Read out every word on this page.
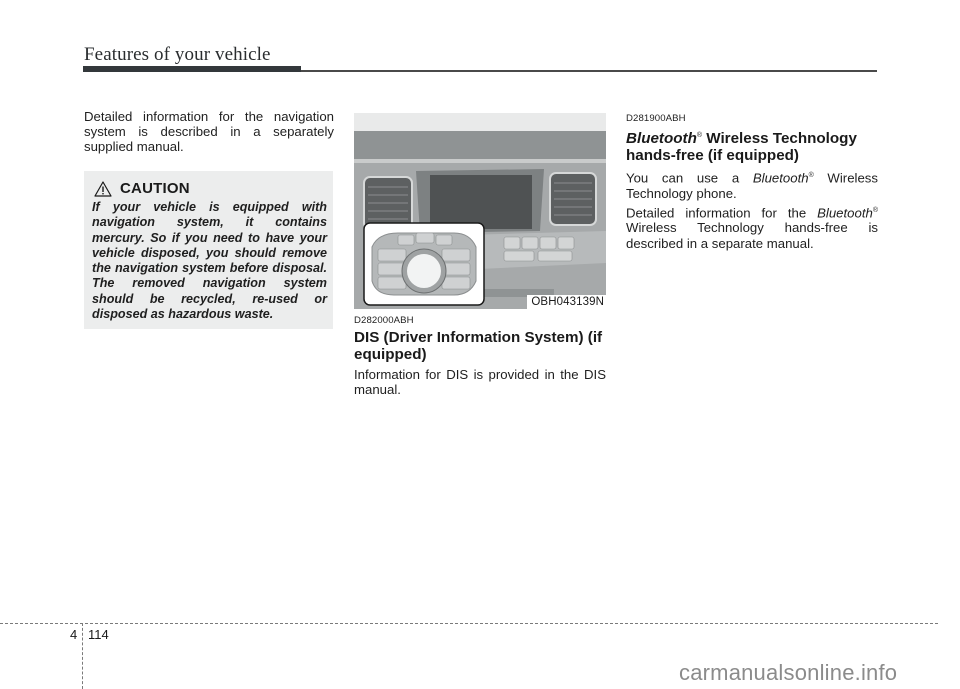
Features of your vehicle

Detailed information for the navigation system is described in a separately supplied manual.

CAUTION
If your vehicle is equipped with navigation system, it contains mercury. So if you need to have your vehicle disposed, you should remove the navigation system before disposal. The removed navigation system should be recycled, re-used or disposed as hazardous waste.
OBH043139N
D282000ABH
DIS (Driver Information System) (if equipped)

Information for DIS is provided in the DIS manual.

D281900ABH
Bluetooth® Wireless Technology hands-free (if equipped)

You can use a Bluetooth® Wireless Technology phone.

Detailed information for the Bluetooth® Wireless Technology hands-free is described in a separate manual.

4 114
carmanualsonline.info
